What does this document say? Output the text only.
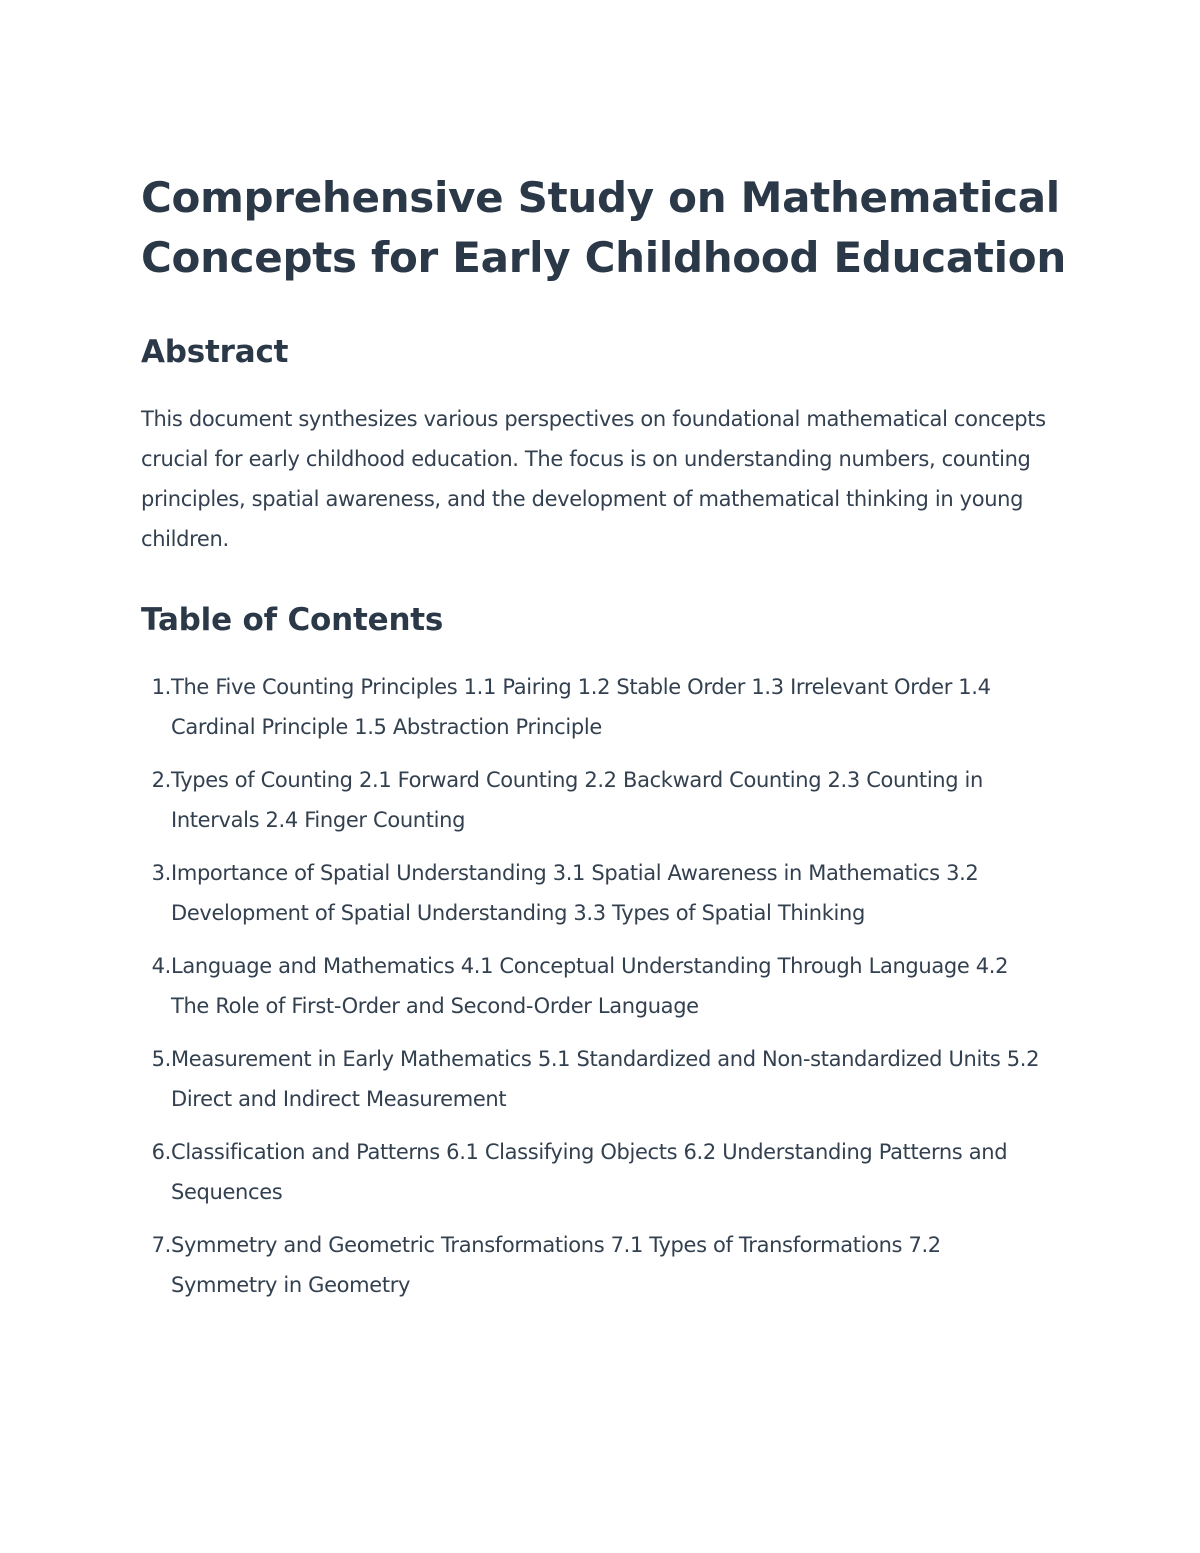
Comprehensive Study on Mathematical Concepts for Early Childhood Education
Abstract

This document synthesizes various perspectives on foundational mathematical concepts crucial for early childhood education. The focus is on understanding numbers, counting principles, spatial awareness, and the development of mathematical thinking in young children.

Table of Contents
1. The Five Counting Principles 1.1 Pairing 1.2 Stable Order 1.3 Irrelevant Order 1.4 Cardinal Principle 1.5 Abstraction Principle
2. Types of Counting 2.1 Forward Counting 2.2 Backward Counting 2.3 Counting in Intervals 2.4 Finger Counting
3. Importance of Spatial Understanding 3.1 Spatial Awareness in Mathematics 3.2 Development of Spatial Understanding 3.3 Types of Spatial Thinking
4. Language and Mathematics 4.1 Conceptual Understanding Through Language 4.2 The Role of First-Order and Second-Order Language
5. Measurement in Early Mathematics 5.1 Standardized and Non-standardized Units 5.2 Direct and Indirect Measurement
6. Classification and Patterns 6.1 Classifying Objects 6.2 Understanding Patterns and Sequences
7. Symmetry and Geometric Transformations 7.1 Types of Transformations 7.2 Symmetry in Geometry
